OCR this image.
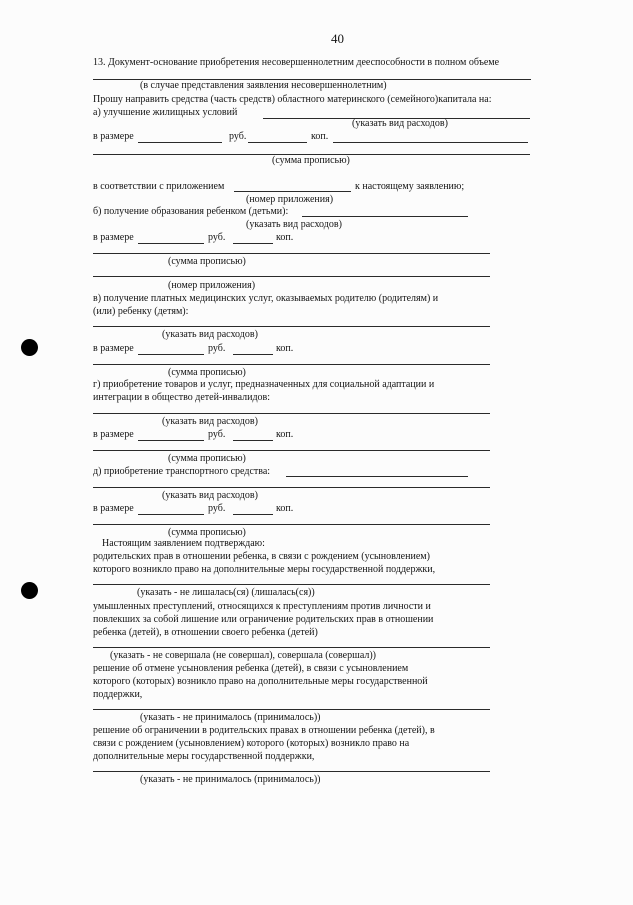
40
13. Документ-основание приобретения несовершеннолетним дееспособности в полном объеме
(в случае представления заявления несовершеннолетним)
Прошу направить средства (часть средств) областного материнского (семейного)капитала на:
а) улучшение жилищных условий
(указать вид расходов)
в размере	руб.	коп.
(сумма прописью)
в соответствии с приложением	к настоящему заявлению;
(номер приложения)
б) получение образования ребенком (детьми):
(указать вид расходов)
в размере	руб.	коп.
(сумма прописью)
(номер приложения)
в) получение платных медицинских услуг, оказываемых родителю (родителям) и
(или) ребенку (детям):
(указать вид расходов)
в размере	руб.	коп.
(сумма прописью)
г) приобретение товаров и услуг, предназначенных для социальной адаптации и
интеграции в общество детей-инвалидов:
(указать вид расходов)
в размере	руб.	коп.
(сумма прописью)
д) приобретение транспортного средства:
(указать вид расходов)
в размере	руб.	коп.
(сумма прописью)
Настоящим заявлением подтверждаю:
родительских прав в отношении ребенка, в связи с рождением (усыновлением)
которого возникло право на дополнительные меры государственной поддержки,
(указать - не лишалась(ся) (лишалась(ся))
умышленных преступлений, относящихся к преступлениям против личности и
повлекших за собой лишение или ограничение родительских прав в отношении
ребенка (детей), в отношении своего ребенка (детей)
(указать - не совершала (не совершал), совершала (совершал))
решение об отмене усыновления ребенка (детей), в связи с усыновлением
которого (которых) возникло право на дополнительные меры государственной
поддержки,
(указать - не принималось (принималось))
решение об ограничении в родительских правах в отношении ребенка (детей), в
связи с рождением (усыновлением) которого (которых) возникло право на
дополнительные меры государственной поддержки,
(указать - не принималось (принималось))
